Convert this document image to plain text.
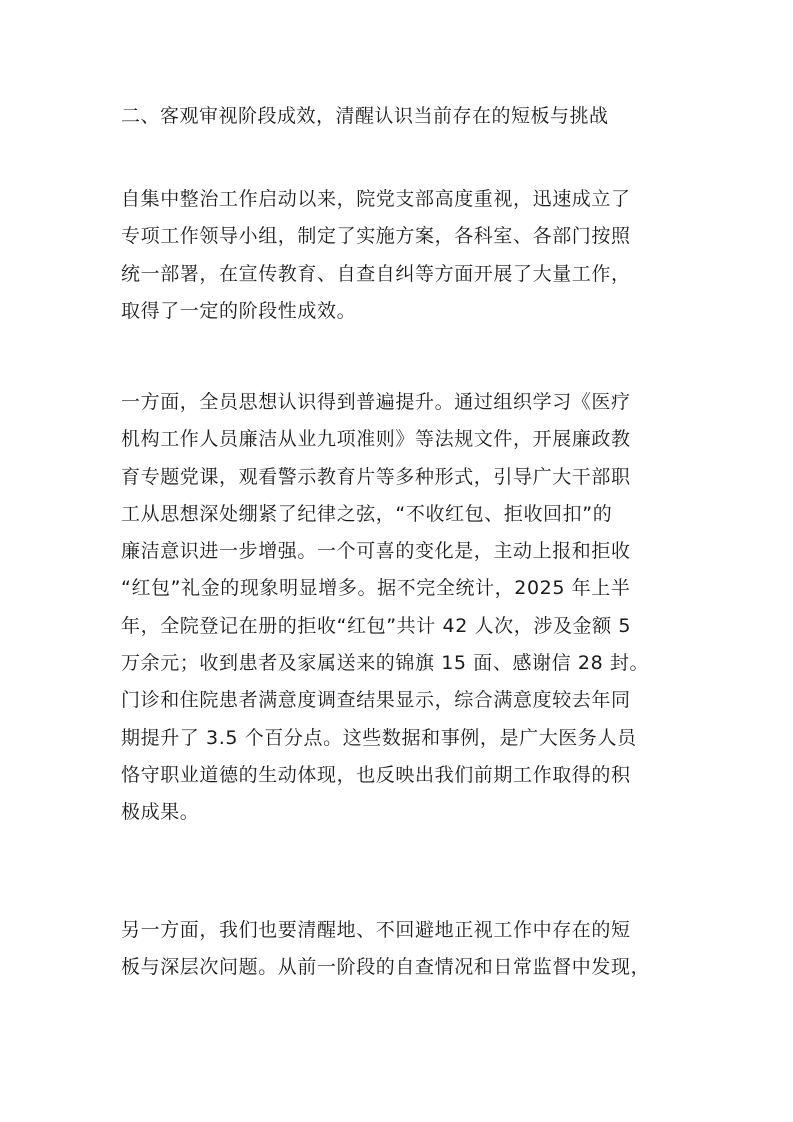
二、客观审视阶段成效，清醒认识当前存在的短板与挑战
自集中整治工作启动以来，院党支部高度重视，迅速成立了
专项工作领导小组，制定了实施方案，各科室、各部门按照
统一部署，在宣传教育、自查自纠等方面开展了大量工作，
取得了一定的阶段性成效。
一方面，全员思想认识得到普遍提升。通过组织学习《医疗
机构工作人员廉洁从业九项准则》等法规文件，开展廉政教
育专题党课，观看警示教育片等多种形式，引导广大干部职
工从思想深处绷紧了纪律之弦，“不收红包、拒收回扣”的
廉洁意识进一步增强。一个可喜的变化是，主动上报和拒收
“红包”礼金的现象明显增多。据不完全统计，2025 年上半
年，全院登记在册的拒收“红包”共计 42 人次，涉及金额 5
万余元；收到患者及家属送来的锦旗 15 面、感谢信 28 封。
门诊和住院患者满意度调查结果显示，综合满意度较去年同
期提升了 3.5 个百分点。这些数据和事例，是广大医务人员
恪守职业道德的生动体现，也反映出我们前期工作取得的积
极成果。
另一方面，我们也要清醒地、不回避地正视工作中存在的短
板与深层次问题。从前一阶段的自查情况和日常监督中发现，
